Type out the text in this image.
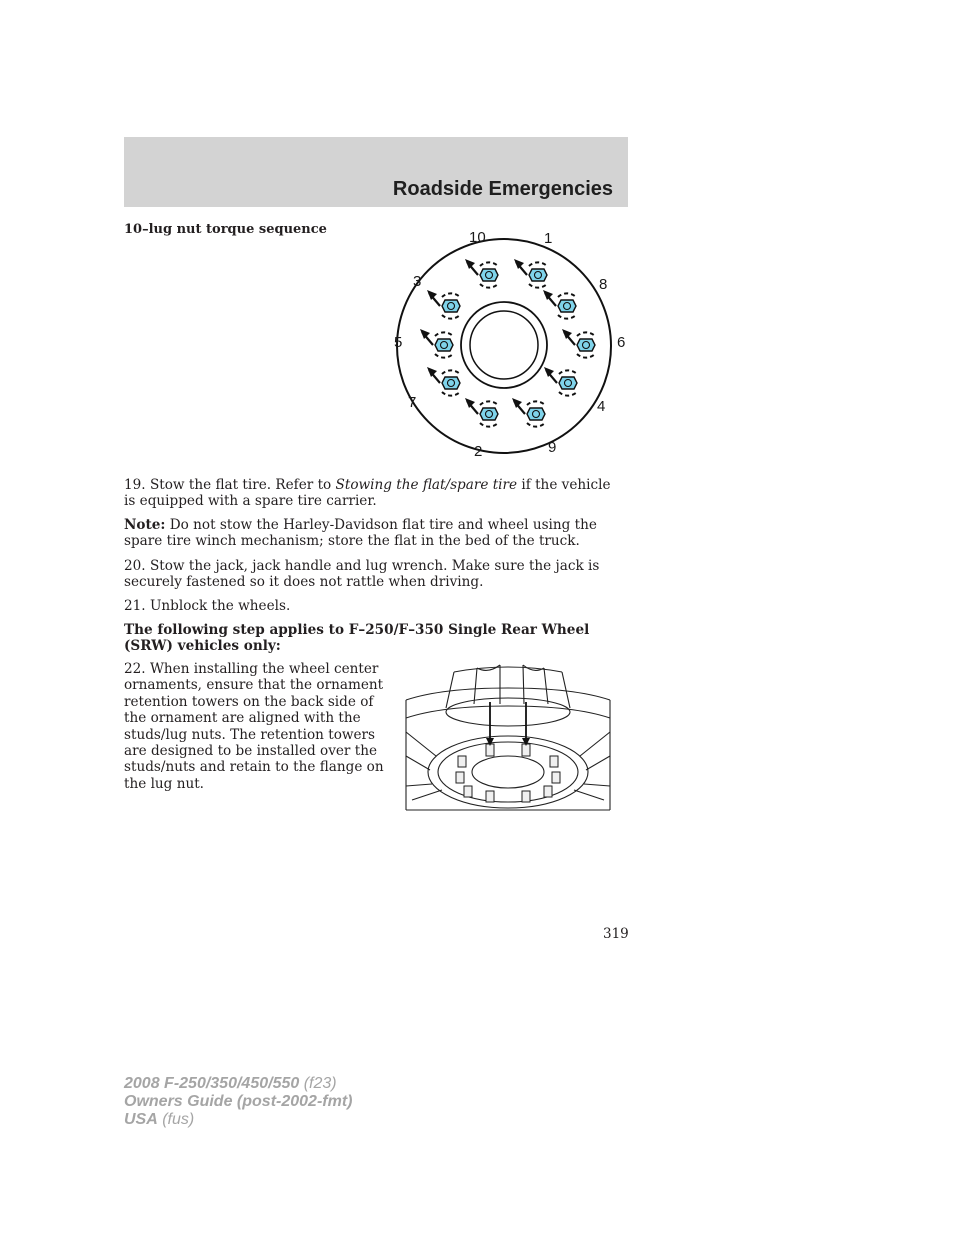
Roadside Emergencies

10–lug nut torque sequence	10	1
3	8
5	6
7	4
2	9

19. Stow the flat tire. Refer to Stowing the flat/spare tire if the vehicle is equipped with a spare tire carrier.

Note: Do not stow the Harley-Davidson flat tire and wheel using the spare tire winch mechanism; store the flat in the bed of the truck.

20. Stow the jack, jack handle and lug wrench. Make sure the jack is securely fastened so it does not rattle when driving.

21. Unblock the wheels.

The following step applies to F–250/F–350 Single Rear Wheel (SRW) vehicles only:

22. When installing the wheel center ornaments, ensure that the ornament retention towers on the back side of the ornament are aligned with the studs/lug nuts. The retention towers are designed to be installed over the studs/nuts and retain to the flange on the lug nut.

319

2008 F-250/350/450/550 (f23)
Owners Guide (post-2002-fmt)
USA (fus)
